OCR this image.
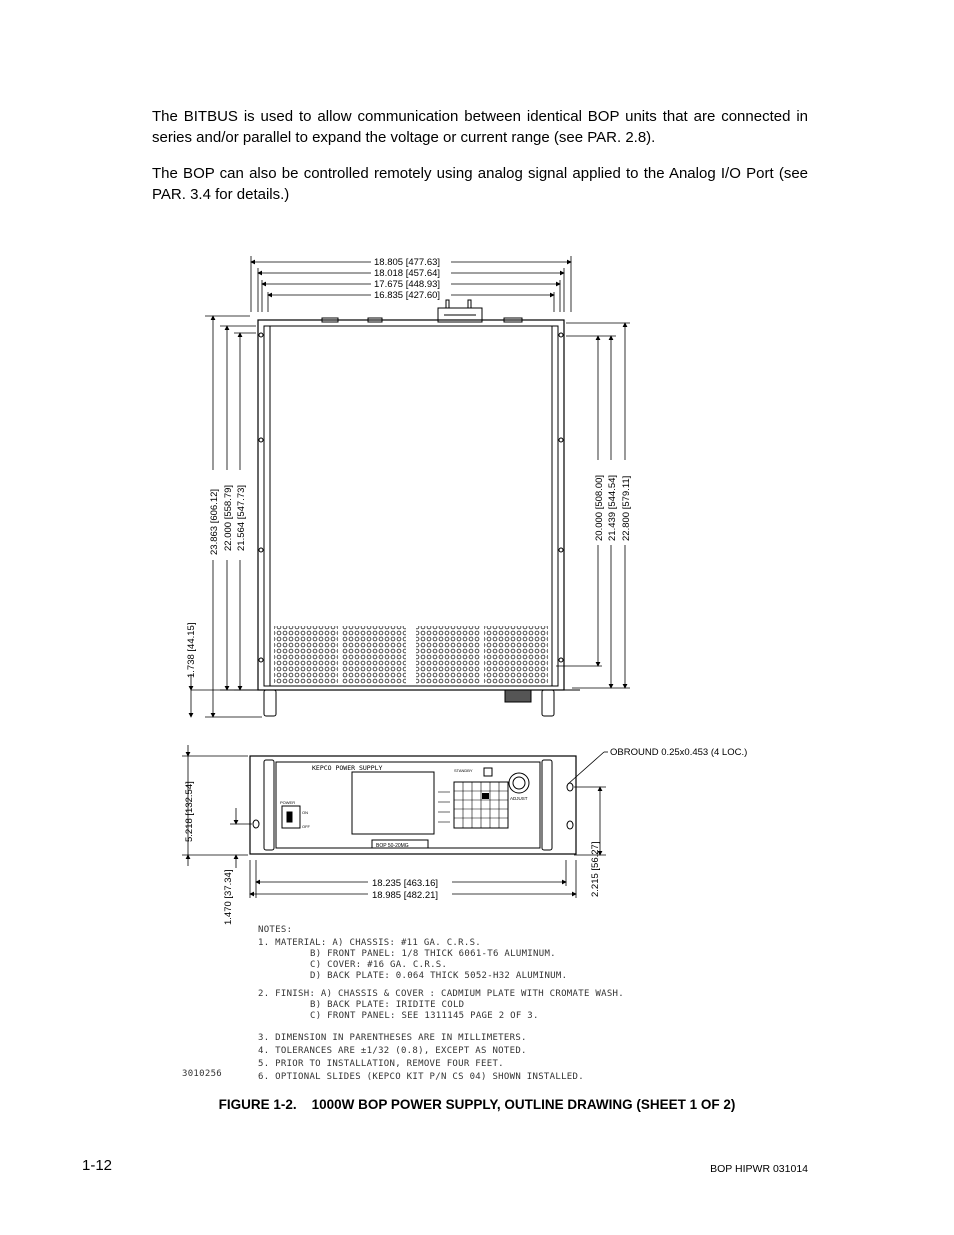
The BITBUS is used to allow communication between identical BOP units that are connected in series and/or parallel to expand the voltage or current range (see PAR. 2.8).

The BOP can also be controlled remotely using analog signal applied to the Analog I/O Port (see PAR. 3.4 for details.)

18.805 [477.63]
18.018 [457.64]
17.675 [448.93]
16.835 [427.60]
23.863 [606.12] 22.000 [558.79] 21.564 [547.73]
1.738 [44.15]
20.000 [508.00] 21.439 [544.54] 22.800 [579.11]
KEPCO POWER SUPPLY
BOP 50-20MG
POWER
ON
OFF
ADJUST
STANDBY
5.218 [132.54]
1.470 [37.34]
2.215 [56.27]
18.235 [463.16]
18.985 [482.21]
OBROUND 0.25x0.453 (4 LOC.)
NOTES:
1. MATERIAL: A) CHASSIS: #11 GA. C.R.S.
B) FRONT PANEL: 1/8 THICK 6061-T6 ALUMINUM.
C) COVER: #16 GA. C.R.S.
D) BACK PLATE: 0.064 THICK 5052-H32 ALUMINUM.
2. FINISH: A) CHASSIS & COVER : CADMIUM PLATE WITH CROMATE WASH.
B) BACK PLATE: IRIDITE COLD
C) FRONT PANEL: SEE 1311145 PAGE 2 OF 3.
3. DIMENSION IN PARENTHESES ARE IN MILLIMETERS.
4. TOLERANCES ARE ±1/32 (0.8), EXCEPT AS NOTED.
5. PRIOR TO INSTALLATION, REMOVE FOUR FEET.
6. OPTIONAL SLIDES (KEPCO KIT P/N CS 04) SHOWN INSTALLED.
3010256
FIGURE 1-2.    1000W BOP POWER SUPPLY, OUTLINE DRAWING (SHEET 1 OF 2)
1-12	BOP HIPWR 031014
